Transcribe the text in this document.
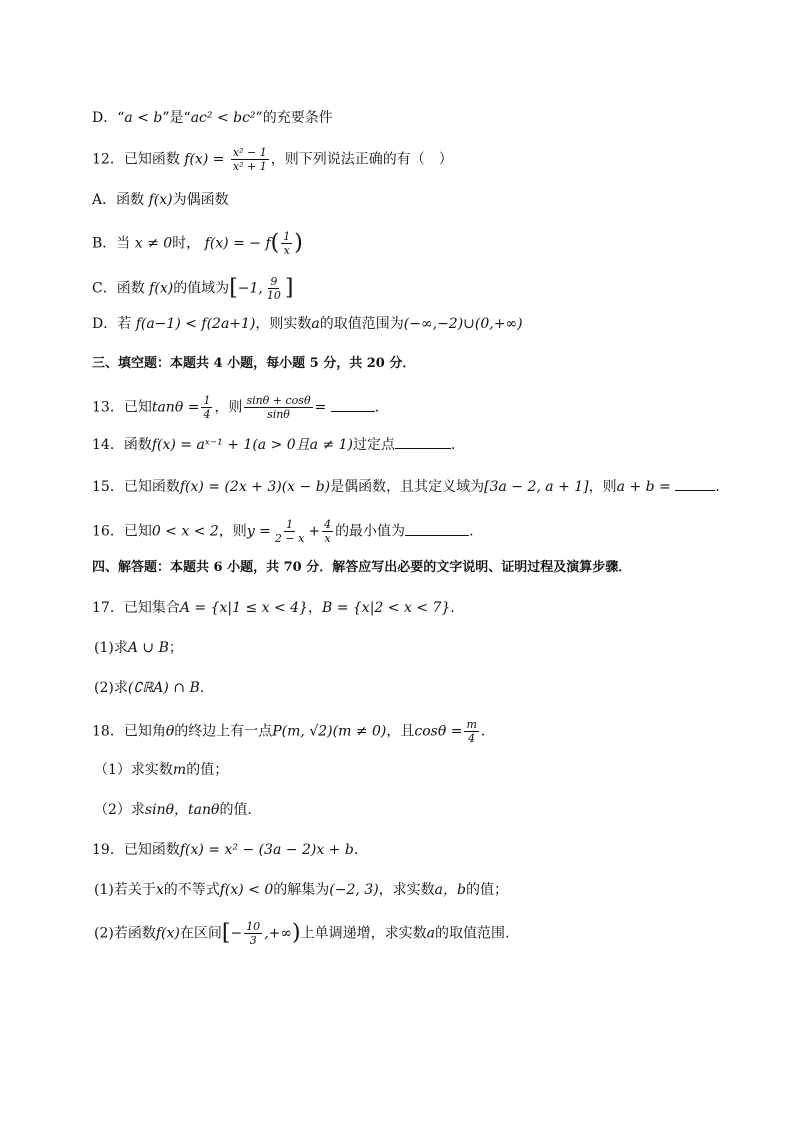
D．“a < b”是“ac² < bc²”的充要条件
12．已知函数 $f(x) = \frac{\text{x² − 1}}{\text{x² + 1}}$ ，则下列说法正确的有（　）
A．函数 f(x)为偶函数
B．当 x ≠ 0时， f(x) = − $f( \frac{1}{x}$ )
C．函数 f(x)的值域为[−1, $\frac{9}{10}$ ]
D．若 f(a−1) < f(2a+1)，则实数a的取值范围为(−∞,−2)∪(0,+∞)
三、填空题：本题共 4 小题，每小题 5 分，共 20 分．
13．已知$\tan\theta = \frac{1}{4}$ ，则 $\frac{\sin\theta + \cos\theta}{\sin\theta}$ =	．
14．函数f(x) = aˣ⁻¹ + 1(a > 0且a ≠ 1)过定点	．
15．已知函数f(x) = (2x + 3)(x − b)是偶函数，且其定义域为[3a − 2, a + 1]，则a + b =	.
16．已知0 < x < 2，则$y = \frac{1}{2 - x} + \frac{4}{x}$ 的最小值为	.
四、解答题：本题共 6 小题，共 70 分．解答应写出必要的文字说明、证明过程及演算步骤．
17．已知集合A = {x|1 ≤ x < 4}，B = {x|2 < x < 7}.
(1)求A ∪ B；
(2)求(∁ℝA) ∩ B.
18．已知角θ的终边上有一点P(m, √2)(m ≠ 0)，且$\cos\theta = \frac{m}{4}$ ．
（1）求实数m的值；
（2）求sinθ，tanθ的值．
19．已知函数f(x) = x² − (3a − 2)x + b.
(1)若关于x的不等式f(x) < 0的解集为(−2, 3)，求实数a，b的值；
(2)若函数f(x)在区间[− $\frac{10}{3}$ ,+∞)上单调递增，求实数a的取值范围.
